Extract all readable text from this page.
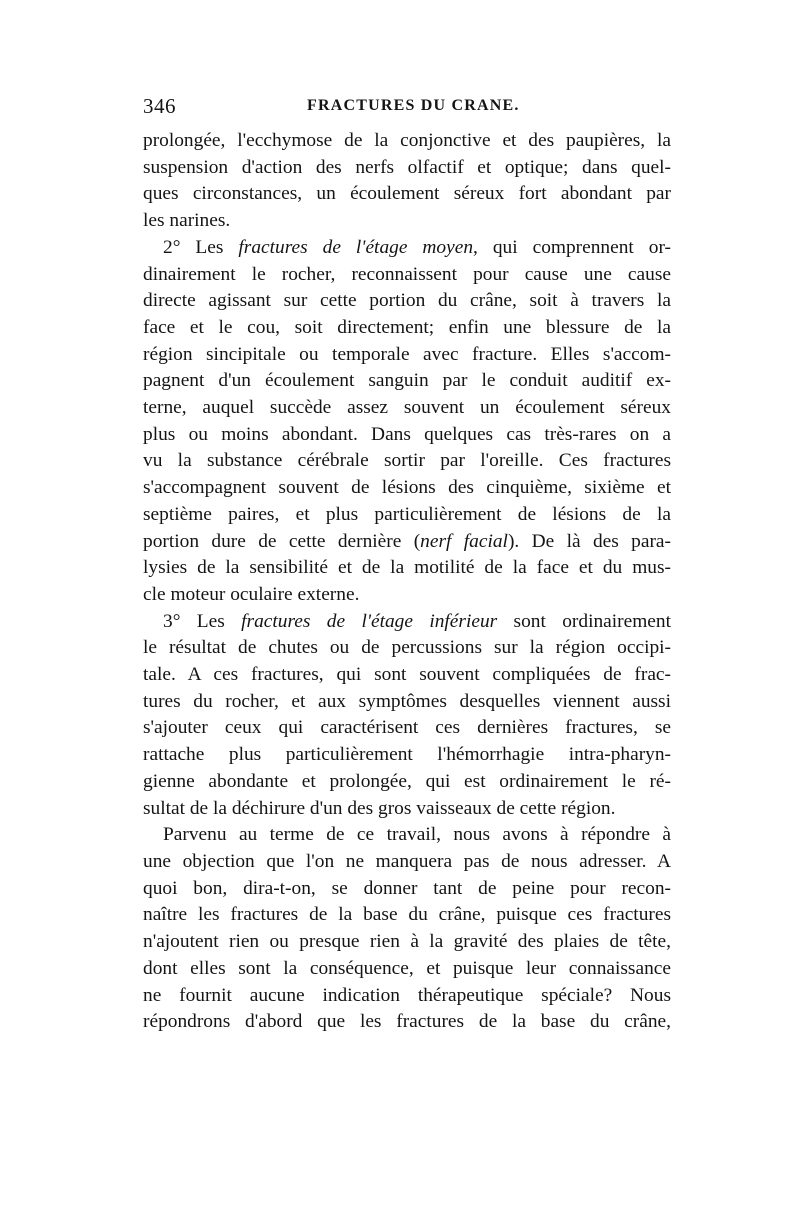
346	FRACTURES DU CRANE.
prolongée, l'ecchymose de la conjonctive et des paupières, la
suspension d'action des nerfs olfactif et optique; dans quel-
ques circonstances, un écoulement séreux fort abondant par
les narines.
2° Les fractures de l'étage moyen, qui comprennent or-
dinairement le rocher, reconnaissent pour cause une cause
directe agissant sur cette portion du crâne, soit à travers la
face et le cou, soit directement; enfin une blessure de la
région sincipitale ou temporale avec fracture. Elles s'accom-
pagnent d'un écoulement sanguin par le conduit auditif ex-
terne, auquel succède assez souvent un écoulement séreux
plus ou moins abondant. Dans quelques cas très-rares on a
vu la substance cérébrale sortir par l'oreille. Ces fractures
s'accompagnent souvent de lésions des cinquième, sixième et
septième paires, et plus particulièrement de lésions de la
portion dure de cette dernière (nerf facial). De là des para-
lysies de la sensibilité et de la motilité de la face et du mus-
cle moteur oculaire externe.
3° Les fractures de l'étage inférieur sont ordinairement
le résultat de chutes ou de percussions sur la région occipi-
tale. A ces fractures, qui sont souvent compliquées de frac-
tures du rocher, et aux symptômes desquelles viennent aussi
s'ajouter ceux qui caractérisent ces dernières fractures, se
rattache plus particulièrement l'hémorrhagie intra-pharyn-
gienne abondante et prolongée, qui est ordinairement le ré-
sultat de la déchirure d'un des gros vaisseaux de cette région.
Parvenu au terme de ce travail, nous avons à répondre à
une objection que l'on ne manquera pas de nous adresser. A
quoi bon, dira-t-on, se donner tant de peine pour recon-
naître les fractures de la base du crâne, puisque ces fractures
n'ajoutent rien ou presque rien à la gravité des plaies de tête,
dont elles sont la conséquence, et puisque leur connaissance
ne fournit aucune indication thérapeutique spéciale? Nous
répondrons d'abord que les fractures de la base du crâne,
